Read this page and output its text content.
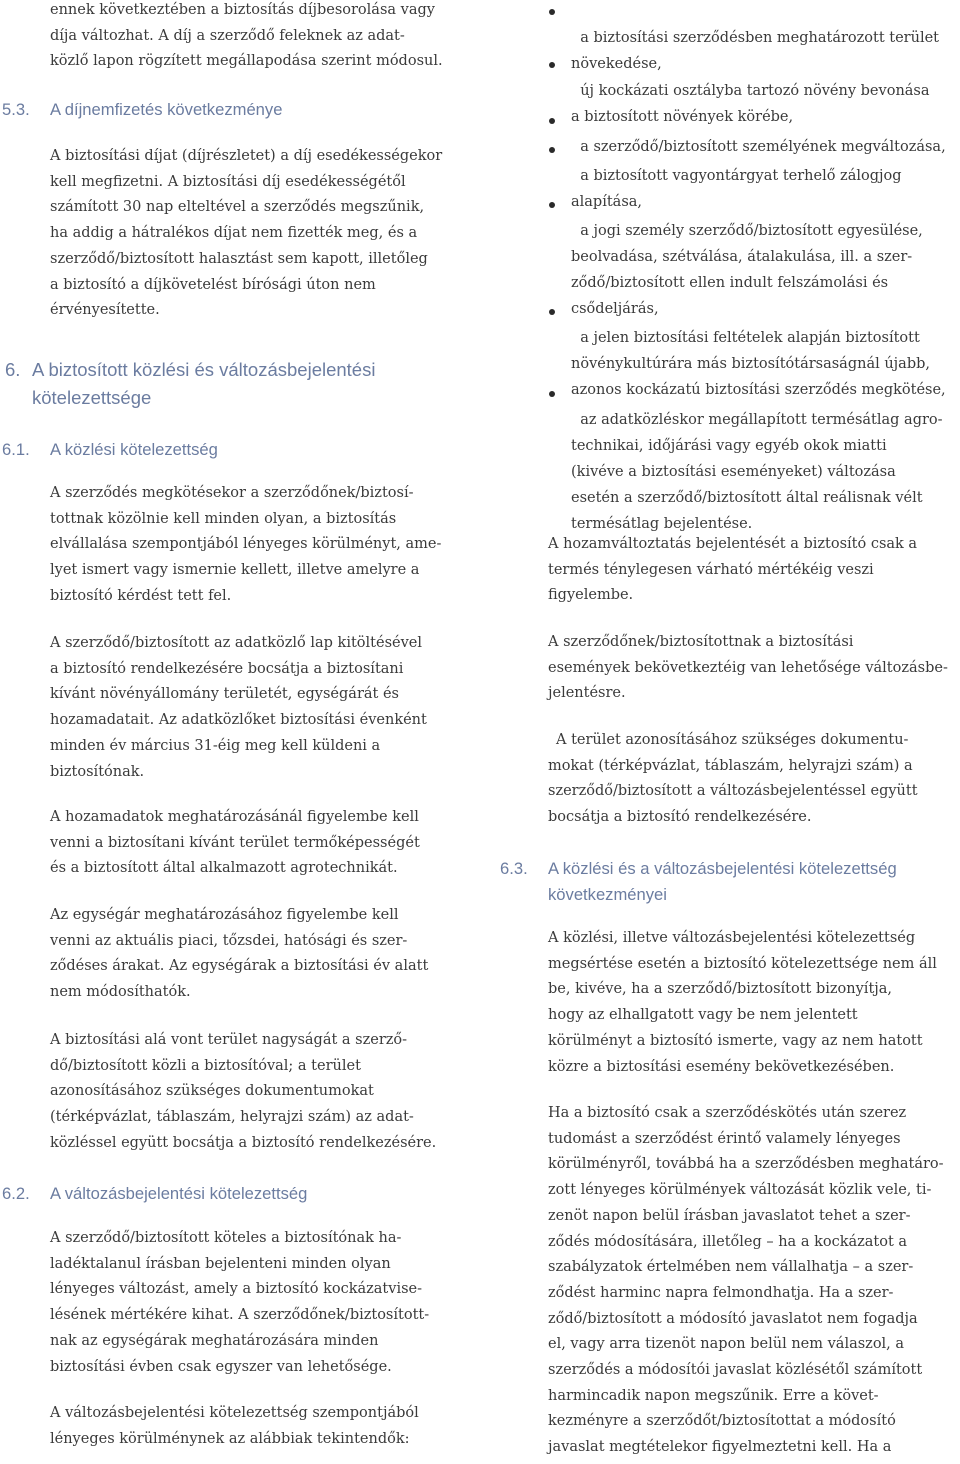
ennek következtében a biztosítás díjbesorolása vagy
díja változhat. A díj a szerződő feleknek az adat-
közlő lapon rögzített megállapodása szerint módosul.

5.3. A díjnemfizetés következménye

A biztosítási díjat (díjrészletet) a díj esedékességekor
kell megfizetni. A biztosítási díj esedékességétől
számított 30 nap elteltével a szerződés megszűnik,
ha addig a hátralékos díjat nem fizették meg, és a
szerződő/biztosított halasztást sem kapott, illetőleg
a biztosító a díjkövetelést bírósági úton nem
érvényesítette.

6. A biztosított közlési és változásbejelentési
kötelezettsége
6.1. A közlési kötelezettség

A szerződés megkötésekor a szerződőnek/biztosí-
tottnak közölnie kell minden olyan, a biztosítás
elvállalása szempontjából lényeges körülményt, ame-
lyet ismert vagy ismernie kellett, illetve amelyre a
biztosító kérdést tett fel.

A szerződő/biztosított az adatközlő lap kitöltésével
a biztosító rendelkezésére bocsátja a biztosítani
kívánt növényállomány területét, egységárát és
hozamadatait. Az adatközlőket biztosítási évenként
minden év március 31-éig meg kell küldeni a
biztosítónak.

A hozamadatok meghatározásánál figyelembe kell
venni a biztosítani kívánt terület termőképességét
és a biztosított által alkalmazott agrotechnikát.

Az egységár meghatározásához figyelembe kell
venni az aktuális piaci, tőzsdei, hatósági és szer-
ződéses árakat. Az egységárak a biztosítási év alatt
nem módosíthatók.

A biztosítási alá vont terület nagyságát a szerző-
dő/biztosított közli a biztosítóval; a terület
azonosításához szükséges dokumentumokat
(térképvázlat, táblaszám, helyrajzi szám) az adat-
közléssel együtt bocsátja a biztosító rendelkezésére.

6.2. A változásbejelentési kötelezettség

A szerződő/biztosított köteles a biztosítónak ha-
ladéktalanul írásban bejelenteni minden olyan
lényeges változást, amely a biztosító kockázatvise-
lésének mértékére kihat. A szerződőnek/biztosított-
nak az egységárak meghatározására minden
biztosítási évben csak egyszer van lehetősége.

A változásbejelentési kötelezettség szempontjából
lényeges körülménynek az alábbiak tekintendők:

a biztosítási szerződésben meghatározott terület
növekedése,

új kockázati osztályba tartozó növény bevonása
a biztosított növények körébe,

a szerződő/biztosított személyének megváltozása,

a biztosított vagyontárgyat terhelő zálogjog
alapítása,

a jogi személy szerződő/biztosított egyesülése,
beolvadása, szétválása, átalakulása, ill. a szer-
ződő/biztosított ellen indult felszámolási és
csődeljárás,

a jelen biztosítási feltételek alapján biztosított
növénykultúrára más biztosítótársaságnál újabb,
azonos kockázatú biztosítási szerződés megkötése,

az adatközléskor megállapított termésátlag agro-
technikai, időjárási vagy egyéb okok miatti
(kivéve a biztosítási eseményeket) változása
esetén a szerződő/biztosított által reálisnak vélt
termésátlag bejelentése.

A hozamváltoztatás bejelentését a biztosító csak a
termés ténylegesen várható mértékéig veszi
figyelembe.

A szerződőnek/biztosítottnak a biztosítási
események bekövetkeztéig van lehetősége változásbe-
jelentésre.

A terület azonosításához szükséges dokumentu-
mokat (térképvázlat, táblaszám, helyrajzi szám) a
szerződő/biztosított a változásbejelentéssel együtt
bocsátja a biztosító rendelkezésére.

6.3. A közlési és a változásbejelentési kötelezettség
következményei

A közlési, illetve változásbejelentési kötelezettség
megsértése esetén a biztosító kötelezettsége nem áll
be, kivéve, ha a szerződő/biztosított bizonyítja,
hogy az elhallgatott vagy be nem jelentett
körülményt a biztosító ismerte, vagy az nem hatott
közre a biztosítási esemény bekövetkezésében.

Ha a biztosító csak a szerződéskötés után szerez
tudomást a szerződést érintő valamely lényeges
körülményről, továbbá ha a szerződésben meghatáro-
zott lényeges körülmények változását közlik vele, ti-
zenöt napon belül írásban javaslatot tehet a szer-
ződés módosítására, illetőleg – ha a kockázatot a
szabályzatok értelmében nem vállalhatja – a szer-
ződést harminc napra felmondhatja. Ha a szer-
ződő/biztosított a módosító javaslatot nem fogadja
el, vagy arra tizenöt napon belül nem válaszol, a
szerződés a módosítói javaslat közlésétől számított
harmincadik napon megszűnik. Erre a követ-
kezményre a szerződőt/biztosítottat a módosító
javaslat megtételekor figyelmeztetni kell. Ha a
